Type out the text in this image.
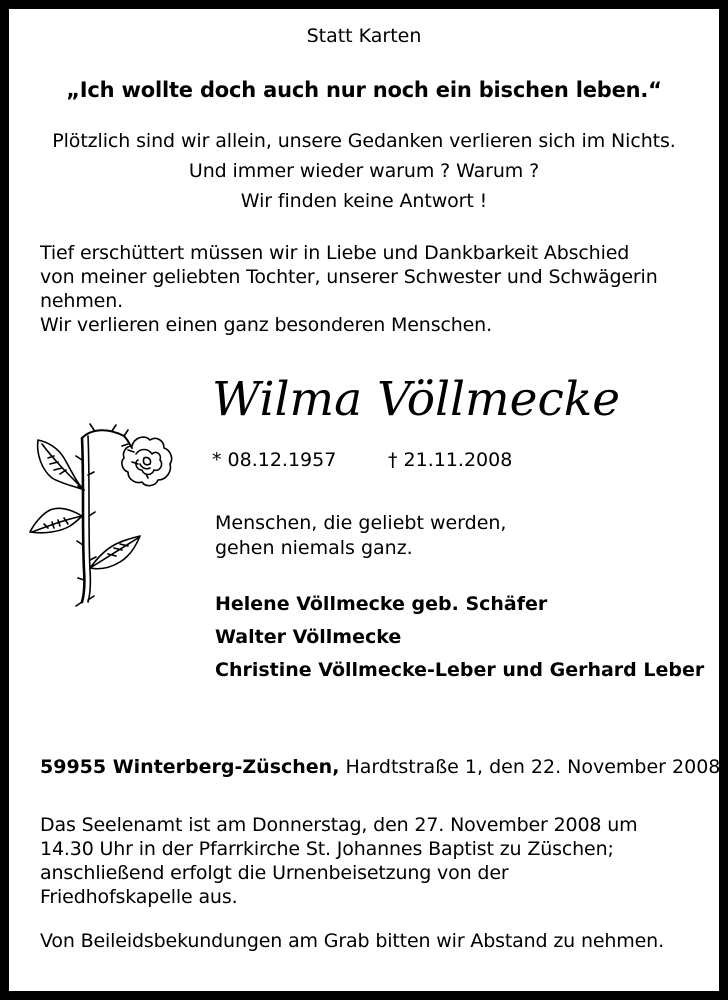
Statt Karten
„Ich wollte doch auch nur noch ein bischen leben.“
Plötzlich sind wir allein, unsere Gedanken verlieren sich im Nichts.
Und immer wieder warum ? Warum ?
Wir finden keine Antwort !
Tief erschüttert müssen wir in Liebe und Dankbarkeit Abschied
von meiner geliebten Tochter, unserer Schwester und Schwägerin
nehmen.
Wir verlieren einen ganz besonderen Menschen.
Wilma Völlmecke
* 08.12.1957	† 21.11.2008
Menschen, die geliebt werden,
gehen niemals ganz.
Helene Völlmecke geb. Schäfer
Walter Völlmecke
Christine Völlmecke-Leber und Gerhard Leber
59955 Winterberg-Züschen, Hardtstraße 1, den 22. November 2008
Das Seelenamt ist am Donnerstag, den 27. November 2008 um
14.30 Uhr in der Pfarrkirche St. Johannes Baptist zu Züschen;
anschließend erfolgt die Urnenbeisetzung von der
Friedhofskapelle aus.
Von Beileidsbekundungen am Grab bitten wir Abstand zu nehmen.
